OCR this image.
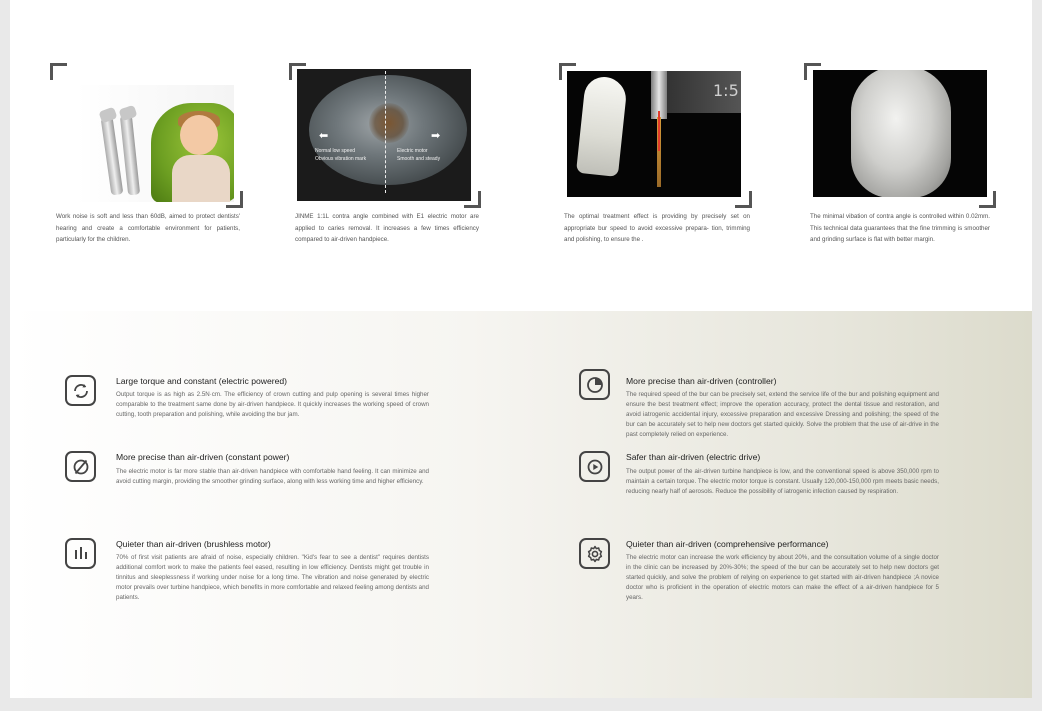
Work noise is soft and less than 60dB, aimed to protect dentists' hearing and create a comfortable environment for patients, particularly for the children.
⬅	➡
Normal low speed
Obvious vibration mark
Electric motor
Smooth and steady
JINME 1:1L contra angle combined with E1 electric motor are applied to caries removal. It increases a few times efficiency compared to air-driven handpiece.
1:5
The optimal treatment effect is providing by precisely set on appropriate bur speed to avoid excessive prepara- tion, trimming and polishing, to ensure the .
The minimal vibation of contra angle is controlled within 0.02mm. This technical data guarantees that the fine trimming is smoother and grinding surface is flat with better margin.
Large torque and constant (electric powered)
Output torque is as high as 2.5N·cm. The efficiency of crown cutting and pulp opening is several times higher comparable to the treatment same done by air-driven handpiece. It quickly increases the working speed of crown cutting, tooth preparation and polishing, while avoiding the bur jam.
More precise than air-driven (controller)
The required speed of the bur can be precisely set, extend the service life of the bur and polishing equipment and ensure the best treatment effect; improve the operation accuracy, protect the dental tissue and restoration, and avoid iatrogenic accidental injury, excessive preparation and excessive Dressing and polishing; the speed of the bur can be accurately set to help new doctors get started quickly. Solve the problem that the use of air-drive in the past completely relied on experience.
More precise than air-driven (constant power)
The electric motor is far more stable than air-driven handpiece with comfortable hand feeling. It can minimize and avoid cutting margin, providing the smoother grinding surface, along with less working time and higher efficiency.
Safer than air-driven (electric drive)
The output power of the air-driven turbine handpiece is low, and the conventional speed is above 350,000 rpm to maintain a certain torque. The electric motor torque is constant. Usually 120,000-150,000 rpm meets basic needs, reducing nearly half of aerosols. Reduce the possibility of iatrogenic infection caused by respiration.
Quieter than air-driven (brushless motor)
70% of first visit patients are afraid of noise, especially children. "Kid's fear to see a dentist" requires dentists additional comfort work to make the patients feel eased, resulting in low efficiency. Dentists might get trouble in tinnitus and sleeplessness if working under noise for a long time. The vibration and noise generated by electric motor prevails over turbine handpiece, which benefits in more comfortable and relaxed feeling among dentists and patients.
Quieter than air-driven (comprehensive performance)
The electric motor can increase the work efficiency by about 20%, and the consultation volume of a single doctor in the clinic can be increased by 20%-30%; the speed of the bur can be accurately set to help new doctors get started quickly, and solve the problem of relying on experience to get started with air-driven handpiece ;A novice doctor who is proficient in the operation of electric motors can make the effect of a air-driven handpiece for 5 years.
